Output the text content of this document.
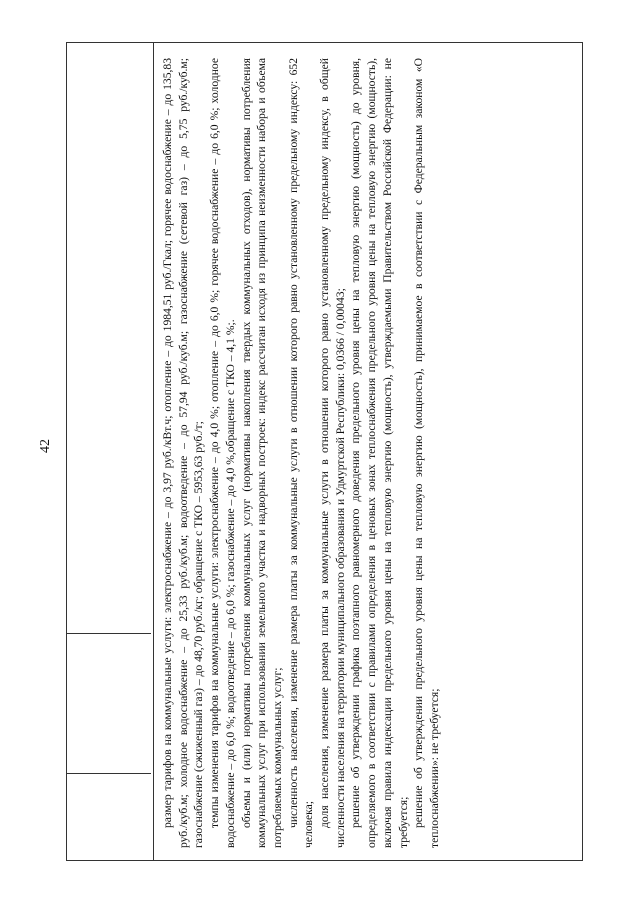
42	размер тарифов на коммунальные услуги: электроснабжение – до 3,97 руб./кВт.ч; отопление – до 1984,51 руб./Гкал; горячее водоснабжение – до 135,83 руб./куб.м; холодное водоснабжение – до 25,33 руб./куб.м; водоотведение – до 57,94 руб./куб.м; газоснабжение (сетевой газ) – до 5,75 руб./куб.м; газоснабжение (сжиженный газ) – до 48,70 руб./кг; обращение с ТКО – 5953,63 руб./т; темпы изменения тарифов на коммунальные услуги: электроснабжение – до 4,0 %; отопление – до 6,0 %; горячее водоснабжение – до 6,0 %; холодное водоснабжение – до 6,0 %; водоотведение – до 6,0 %; газоснабжение – до 4,0 %,обращение с ТКО – 4,1 %;. объемы и (или) нормативы потребления коммунальных услуг (нормативы накопления твердых коммунальных отходов), нормативы потребления коммунальных услуг при использовании земельного участка и надворных построек: индекс рассчитан исходя из принципа неизменности набора и объема потребляемых коммунальных услуг; численность населения, изменение размера платы за коммунальные услуги в отношении которого равно установленному предельному индексу: 652 человека; доля населения, изменение размера платы за коммунальные услуги в отношении которого равно установленному предельному индексу, в общей численности населения на территории муниципального образования и Удмуртской Республики: 0,0366 / 0,00043; решение об утверждении графика поэтапного равномерного доведения предельного уровня цены на тепловую энергию (мощность) до уровня, определяемого в соответствии с правилами определения в ценовых зонах теплоснабжения предельного уровня цены на тепловую энергию (мощность), включая правила индексации предельного уровня цены на тепловую энергию (мощность), утверждаемыми Правительством Российской Федерации: не требуется; решение об утверждении предельного уровня цены на тепловую энергию (мощность), принимаемое в соответствии с Федеральным законом «О теплоснабжении»: не требуется;
